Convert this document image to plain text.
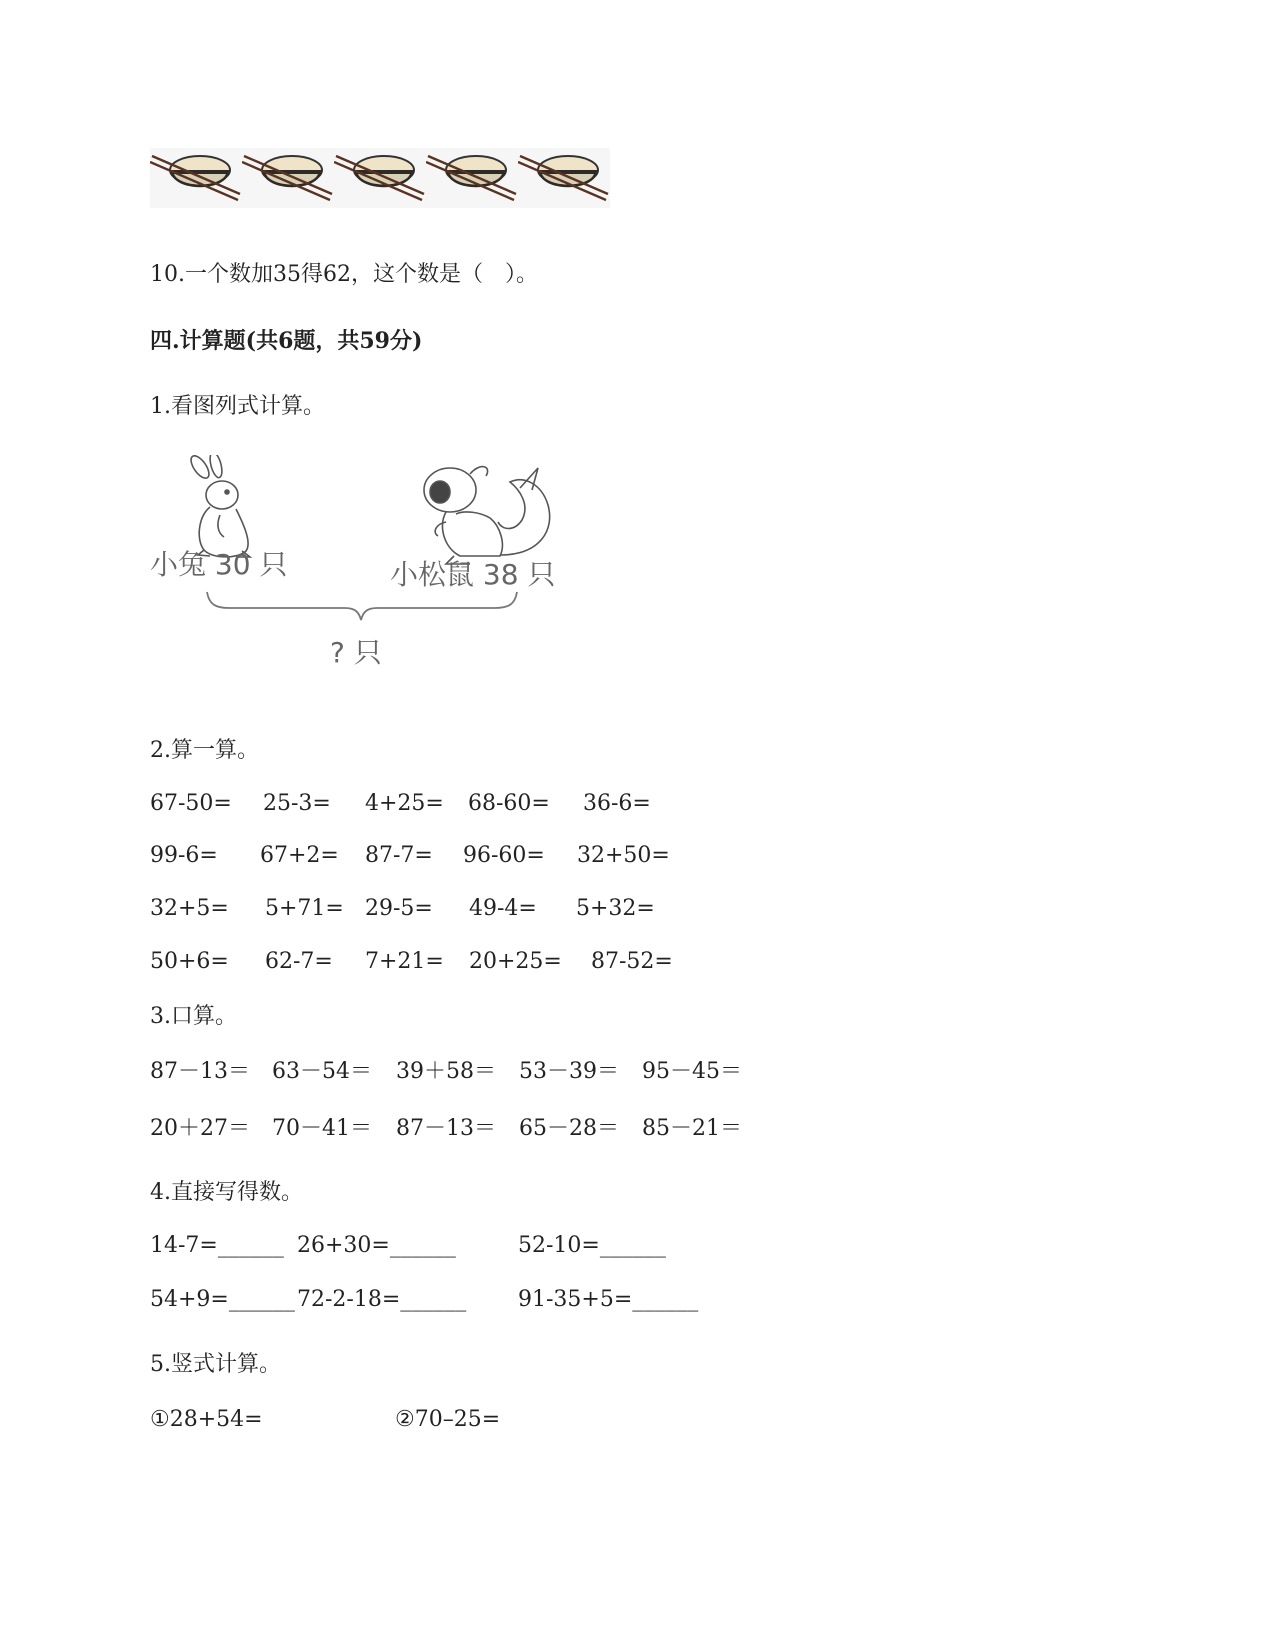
10.一个数加35得62，这个数是（　）。
四.计算题(共6题，共59分)
1.看图列式计算。
小兔 30 只	小松鼠 38 只
? 只
2.算一算。
67-50= 25-3= 4+25= 68-60= 36-6=
99-6= 67+2= 87-7= 96-60= 32+50=
32+5= 5+71= 29-5= 49-4= 5+32=
50+6= 62-7= 7+21= 20+25= 87-52=
3.口算。
87－13＝ 63－54＝ 39＋58＝ 53－39＝ 95－45＝
20＋27＝ 70－41＝ 87－13＝ 65－28＝ 85－21＝
4.直接写得数。
14-7=______ 26+30=______	52-10=______
54+9=______ 72-2-18=______ 91-35+5=______
5.竖式计算。
①28+54=	②70–25=
